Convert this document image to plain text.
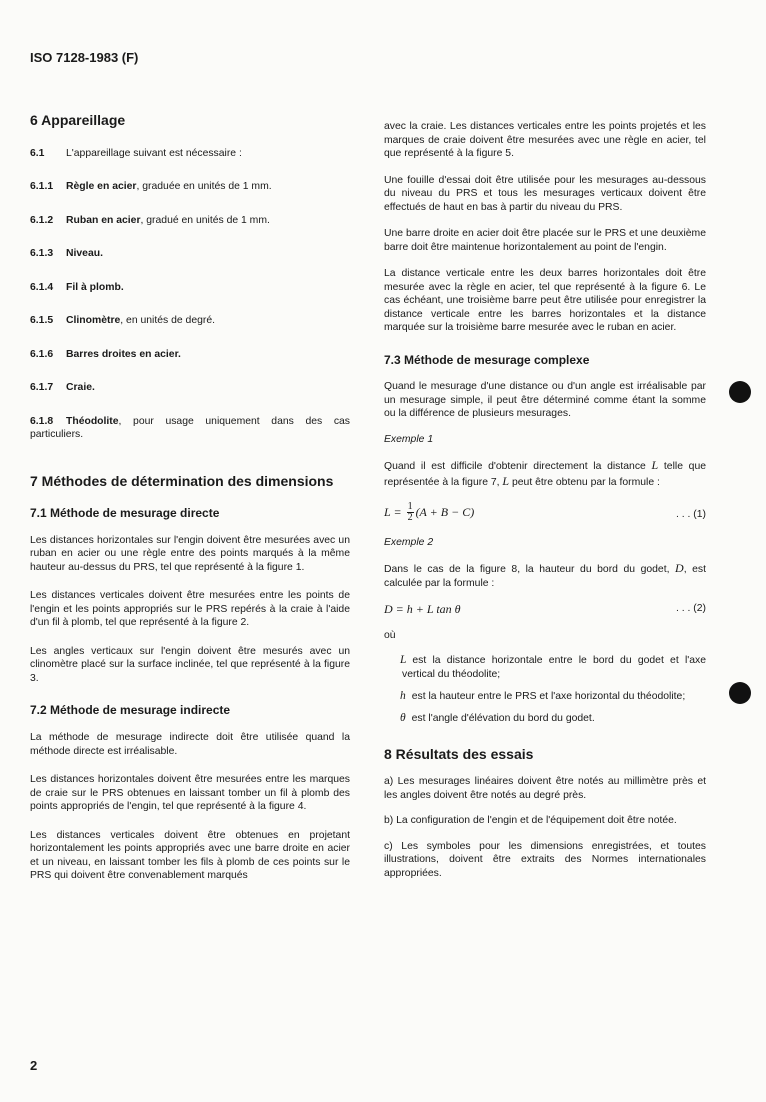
ISO 7128-1983 (F)

6 Appareillage

6.1 L'appareillage suivant est nécessaire :

6.1.1 Règle en acier, graduée en unités de 1 mm.

6.1.2 Ruban en acier, gradué en unités de 1 mm.

6.1.3 Niveau.

6.1.4 Fil à plomb.

6.1.5 Clinomètre, en unités de degré.

6.1.6 Barres droites en acier.

6.1.7 Craie.

6.1.8 Théodolite, pour usage uniquement dans des cas particuliers.

7 Méthodes de détermination des dimensions

7.1 Méthode de mesurage directe

Les distances horizontales sur l'engin doivent être mesurées avec un ruban en acier ou une règle entre des points marqués à la même hauteur au-dessus du PRS, tel que représenté à la figure 1.

Les distances verticales doivent être mesurées entre les points de l'engin et les points appropriés sur le PRS repérés à la craie à l'aide d'un fil à plomb, tel que représenté à la figure 2.

Les angles verticaux sur l'engin doivent être mesurés avec un clinomètre placé sur la surface inclinée, tel que représenté à la figure 3.

7.2 Méthode de mesurage indirecte

La méthode de mesurage indirecte doit être utilisée quand la méthode directe est irréalisable.

Les distances horizontales doivent être mesurées entre les marques de craie sur le PRS obtenues en laissant tomber un fil à plomb des points appropriés de l'engin, tel que représenté à la figure 4.

Les distances verticales doivent être obtenues en projetant horizontalement les points appropriés avec une barre droite en acier et un niveau, en laissant tomber les fils à plomb de ces points sur le PRS qui doivent être convenablement marqués

avec la craie. Les distances verticales entre les points projetés et les marques de craie doivent être mesurées avec une règle en acier, tel que représenté à la figure 5.

Une fouille d'essai doit être utilisée pour les mesurages au-dessous du niveau du PRS et tous les mesurages verticaux doivent être effectués de haut en bas à partir du niveau du PRS.

Une barre droite en acier doit être placée sur le PRS et une deuxième barre doit être maintenue horizontalement au point de l'engin.

La distance verticale entre les deux barres horizontales doit être mesurée avec la règle en acier, tel que représenté à la figure 6. Le cas échéant, une troisième barre peut être utilisée pour enregistrer la distance verticale entre les barres horizontales et la distance marquée sur la troisième barre mesurée avec le ruban en acier.

7.3 Méthode de mesurage complexe

Quand le mesurage d'une distance ou d'un angle est irréalisable par un mesurage simple, il peut être déterminé comme étant la somme ou la différence de plusieurs mesurages.

Exemple 1

Quand il est difficile d'obtenir directement la distance L telle que représentée à la figure 7, L peut être obtenu par la formule :

$L = \frac{1}{2} (A + B - C)$	. . . (1)

Exemple 2

Dans le cas de la figure 8, la hauteur du bord du godet, D, est calculée par la formule :

D = h + L tan θ	. . . (2)

où

L est la distance horizontale entre le bord du godet et l'axe vertical du théodolite;

h est la hauteur entre le PRS et l'axe horizontal du théodolite;

θ est l'angle d'élévation du bord du godet.

8 Résultats des essais

a) Les mesurages linéaires doivent être notés au millimètre près et les angles doivent être notés au degré près.

b) La configuration de l'engin et de l'équipement doit être notée.

c) Les symboles pour les dimensions enregistrées, et toutes illustrations, doivent être extraits des Normes internationales appropriées.

2
